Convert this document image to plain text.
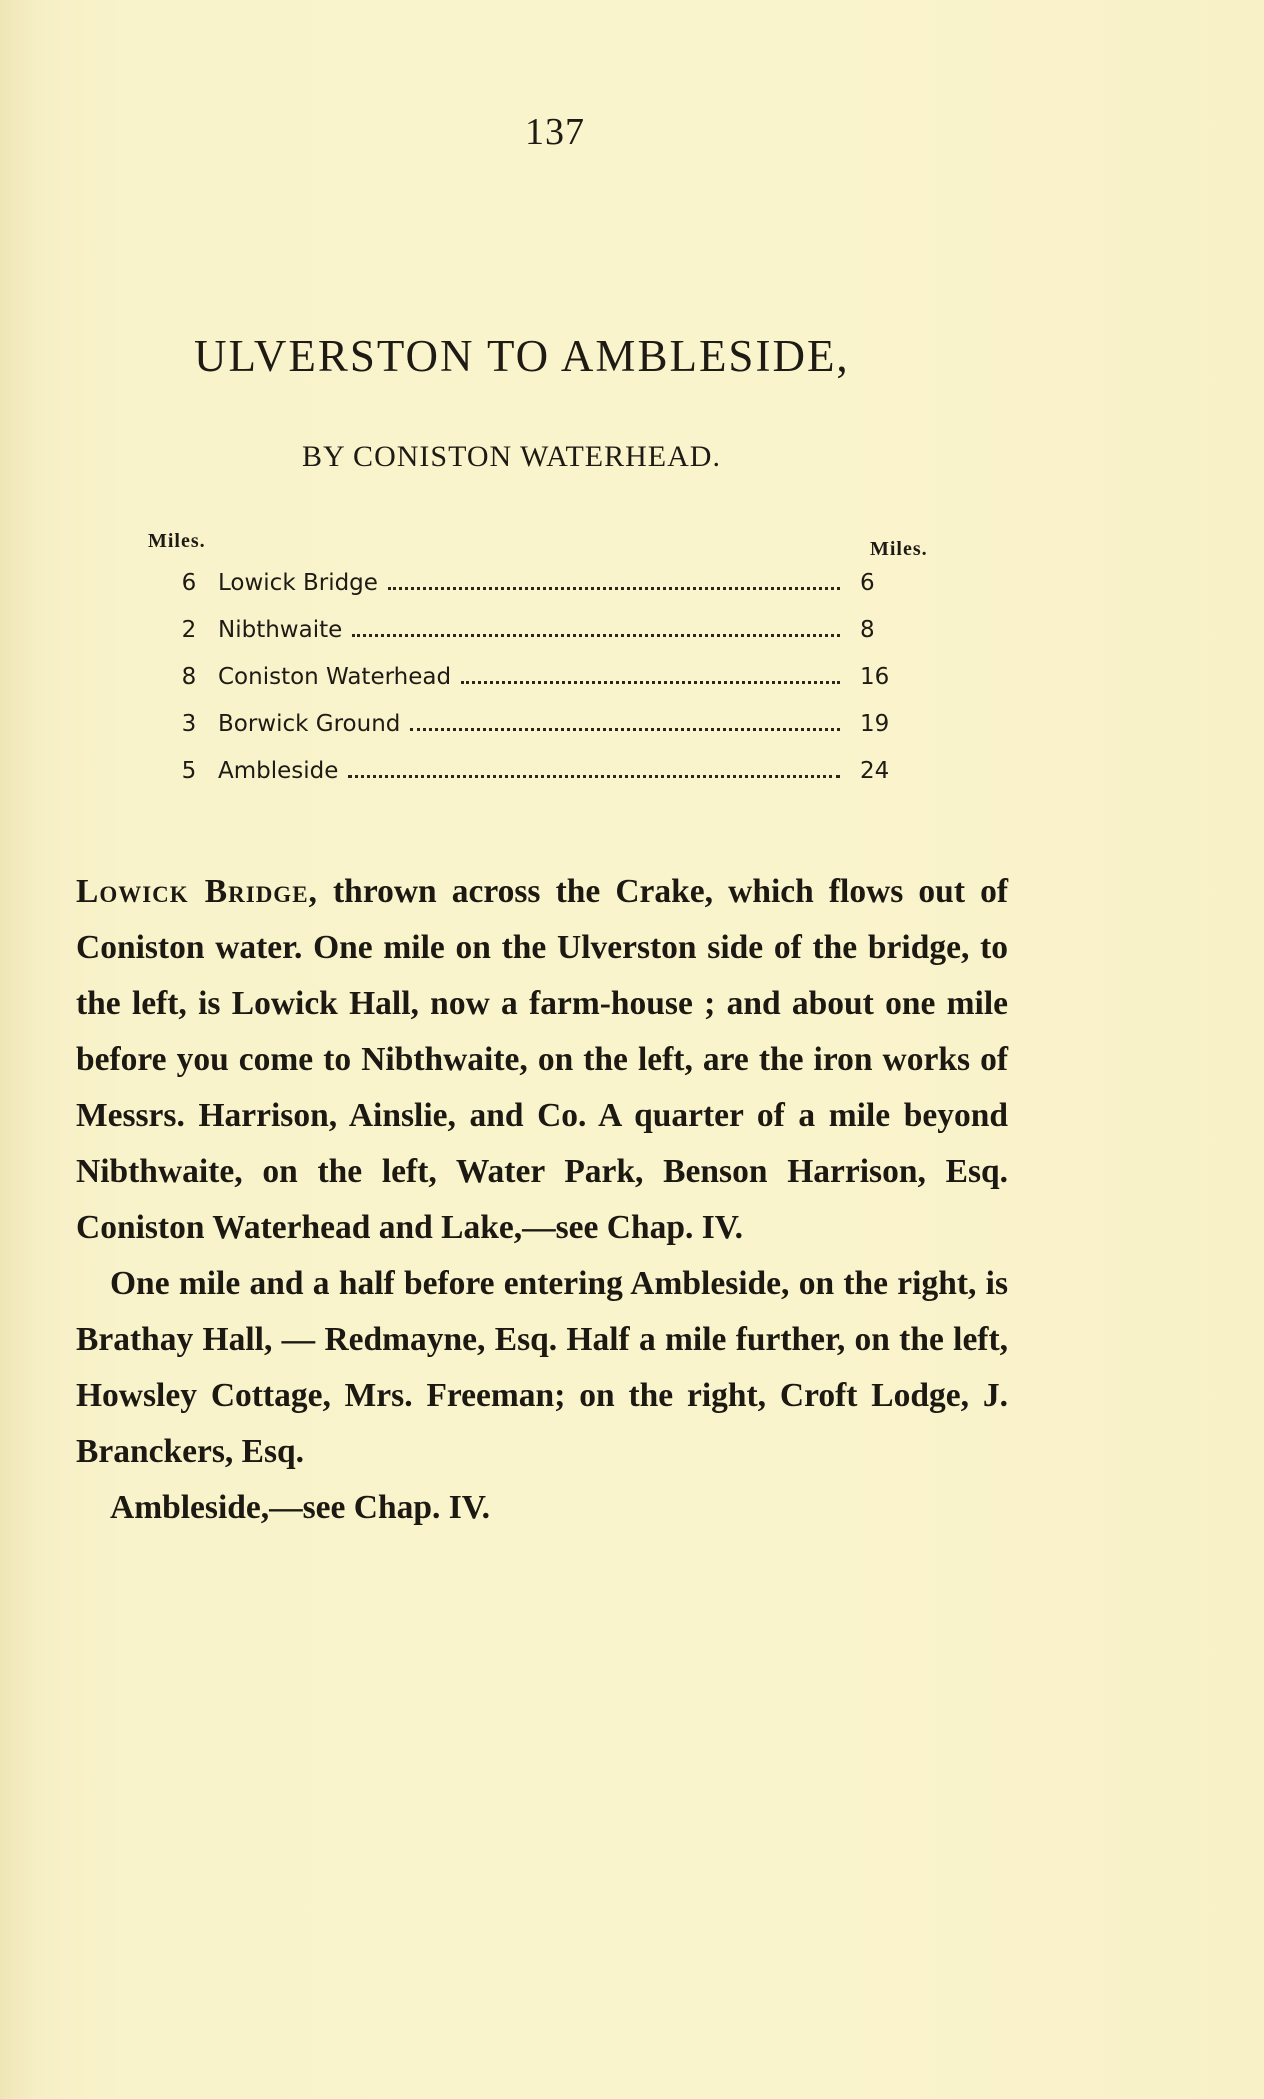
137
ULVERSTON TO AMBLESIDE,
BY CONISTON WATERHEAD.
Miles.	Miles.
6 Lowick Bridge	6
2 Nibthwaite	8
8 Coniston Waterhead	16
3 Borwick Ground	19
5 Ambleside	24

Lowick Bridge, thrown across the Crake, which flows out of Coniston water. One mile on the Ulverston side of the bridge, to the left, is Lowick Hall, now a farm-house ; and about one mile before you come to Nibthwaite, on the left, are the iron works of Messrs. Harrison, Ainslie, and Co. A quarter of a mile beyond Nibthwaite, on the left, Water Park, Benson Harrison, Esq. Coniston Waterhead and Lake,—see Chap. IV.

One mile and a half before entering Ambleside, on the right, is Brathay Hall, — Redmayne, Esq. Half a mile further, on the left, Howsley Cottage, Mrs. Freeman; on the right, Croft Lodge, J. Branckers, Esq.

Ambleside,—see Chap. IV.
